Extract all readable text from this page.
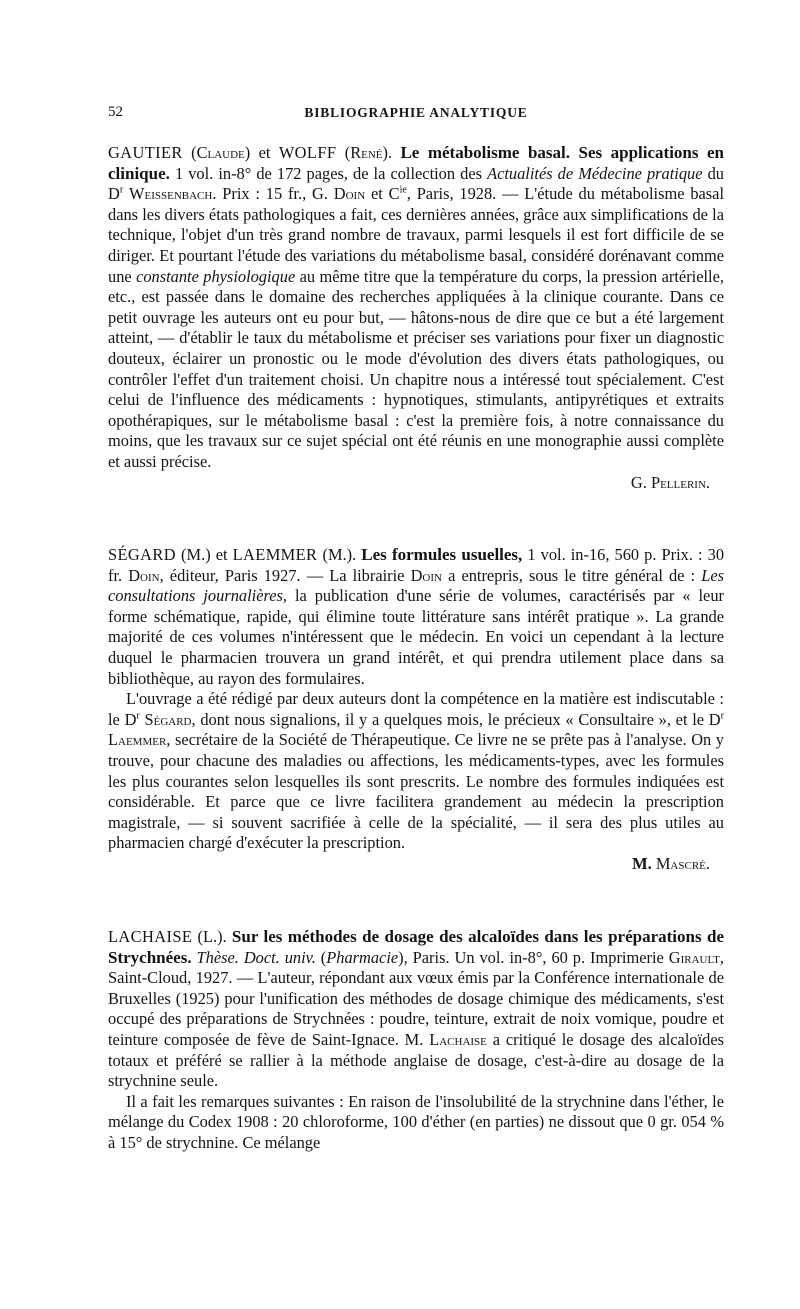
52	BIBLIOGRAPHIE ANALYTIQUE

GAUTIER (Claude) et WOLFF (René). Le métabolisme basal. Ses applications en clinique. 1 vol. in-8° de 172 pages, de la collection des Actualités de Médecine pratique du $D^r$ Weissenbach. Prix : 15 fr., G. Doin et $C^{ie}$, Paris, 1928. — L'étude du métabolisme basal dans les divers états pathologiques a fait, ces dernières années, grâce aux simplifications de la technique, l'objet d'un très grand nombre de travaux, parmi lesquels il est fort difficile de se diriger. Et pourtant l'étude des variations du métabolisme basal, considéré dorénavant comme une constante physiologique au même titre que la température du corps, la pression artérielle, etc., est passée dans le domaine des recherches appliquées à la clinique courante. Dans ce petit ouvrage les auteurs ont eu pour but, — hâtons-nous de dire que ce but a été largement atteint, — d'établir le taux du métabolisme et préciser ses variations pour fixer un diagnostic douteux, éclairer un pronostic ou le mode d'évolution des divers états pathologiques, ou contrôler l'effet d'un traitement choisi. Un chapitre nous a intéressé tout spécialement. C'est celui de l'influence des médicaments : hypnotiques, stimulants, antipyrétiques et extraits opothérapiques, sur le métabolisme basal : c'est la première fois, à notre connaissance du moins, que les travaux sur ce sujet spécial ont été réunis en une monographie aussi complète et aussi précise.

G. Pellerin.

SÉGARD (M.) et LAEMMER (M.). Les formules usuelles, 1 vol. in-16, 560 p. Prix. : 30 fr. Doin, éditeur, Paris 1927. — La librairie Doin a entrepris, sous le titre général de : Les consultations journalières, la publication d'une série de volumes, caractérisés par « leur forme schématique, rapide, qui élimine toute littérature sans intérêt pratique ». La grande majorité de ces volumes n'intéressent que le médecin. En voici un cependant à la lecture duquel le pharmacien trouvera un grand intérêt, et qui prendra utilement place dans sa bibliothèque, au rayon des formulaires.

L'ouvrage a été rédigé par deux auteurs dont la compétence en la matière est indiscutable : le $D^r$ Ségard, dont nous signalions, il y a quelques mois, le précieux « Consultaire », et le $D^r$ Laemmer, secrétaire de la Société de Thérapeutique. Ce livre ne se prête pas à l'analyse. On y trouve, pour chacune des maladies ou affections, les médicaments-types, avec les formules les plus courantes selon lesquelles ils sont prescrits. Le nombre des formules indiquées est considérable. Et parce que ce livre facilitera grandement au médecin la prescription magistrale, — si souvent sacrifiée à celle de la spécialité, — il sera des plus utiles au pharmacien chargé d'exécuter la prescription.

M. Mascré.

LACHAISE (L.). Sur les méthodes de dosage des alcaloïdes dans les préparations de Strychnées. Thèse. Doct. univ. (Pharmacie), Paris. Un vol. in-8°, 60 p. Imprimerie Girault, Saint-Cloud, 1927. — L'auteur, répondant aux vœux émis par la Conférence internationale de Bruxelles (1925) pour l'unification des méthodes de dosage chimique des médicaments, s'est occupé des préparations de Strychnées : poudre, teinture, extrait de noix vomique, poudre et teinture composée de fève de Saint-Ignace. M. Lachaise a critiqué le dosage des alcaloïdes totaux et préféré se rallier à la méthode anglaise de dosage, c'est-à-dire au dosage de la strychnine seule.

Il a fait les remarques suivantes : En raison de l'insolubilité de la strychnine dans l'éther, le mélange du Codex 1908 : 20 chloroforme, 100 d'éther (en parties) ne dissout que 0 gr. 054 % à 15° de strychnine. Ce mélange
